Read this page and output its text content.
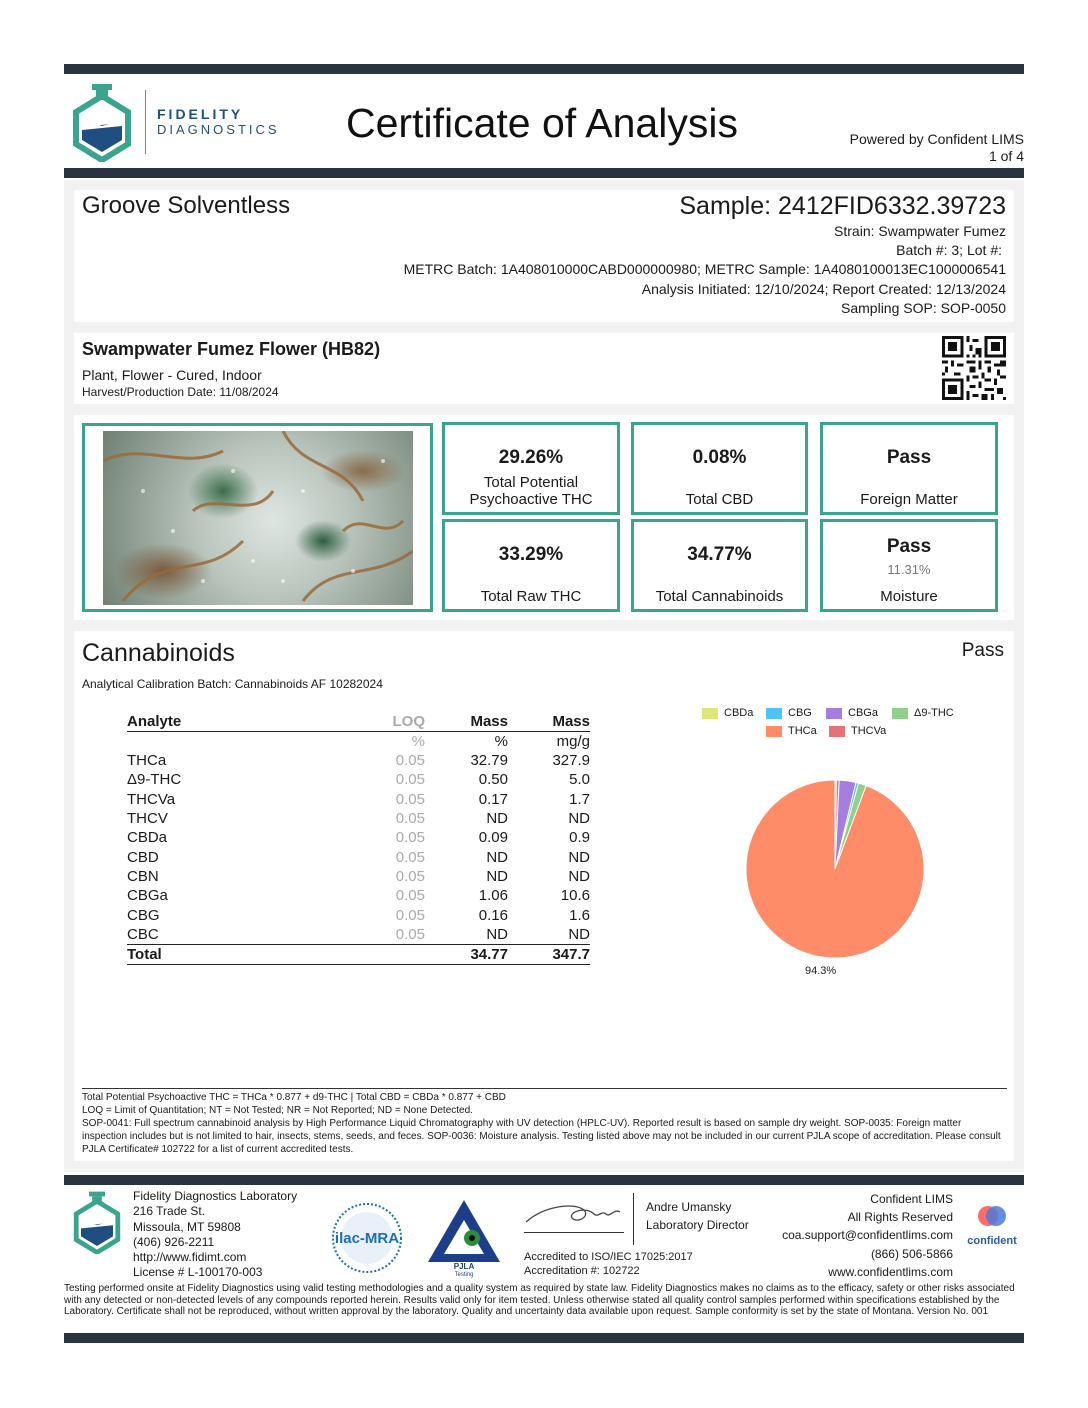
FIDELITY
DIAGNOSTICS Certificate of Analysis	Powered by Confident LIMS
1 of 4
Groove Solventless	Sample: 2412FID6332.39723
Strain: Swampwater Fumez
Batch #: 3; Lot #:
METRC Batch: 1A408010000CABD000000980; METRC Sample: 1A4080100013EC1000006541
Analysis Initiated: 12/10/2024; Report Created: 12/13/2024
Sampling SOP: SOP-0050
Swampwater Fumez Flower (HB82)
Plant, Flower - Cured, Indoor
Harvest/Production Date: 11/08/2024
29.26%
Total Potential
Psychoactive THC
0.08%
Total CBD
Pass
Foreign Matter
33.29%
Total Raw THC
34.77%
Total Cannabinoids
Pass
11.31%
Moisture
Cannabinoids	Pass
Analytical Calibration Batch: Cannabinoids AF 10282024
Analyte	LOQ	Mass	Mass
	%	%	mg/g
THCa	0.05	32.79	327.9
Δ9-THC	0.05	0.50	5.0
THCVa	0.05	0.17	1.7
THCV	0.05	ND	ND
CBDa	0.05	0.09	0.9
CBD	0.05	ND	ND
CBN	0.05	ND	ND
CBGa	0.05	1.06	10.6
CBG	0.05	0.16	1.6
CBC	0.05	ND	ND
Total		34.77	347.7
CBDa	CBG	CBGa	Δ9-THC
THCa	THCVa
94.3%
Total Potential Psychoactive THC = THCa * 0.877 + d9-THC | Total CBD = CBDa * 0.877 + CBD
LOQ = Limit of Quantitation; NT = Not Tested; NR = Not Reported; ND = None Detected.
SOP-0041: Full spectrum cannabinoid analysis by High Performance Liquid Chromatography with UV detection (HPLC-UV). Reported result is based on sample dry weight. SOP-0035: Foreign matter inspection includes but is not limited to hair, insects, stems, seeds, and feces. SOP-0036: Moisture analysis. Testing listed above may not be included in our current PJLA scope of accreditation. Please consult PJLA Certificate# 102722 for a list of current accredited tests.
Fidelity Diagnostics Laboratory
216 Trade St.
Missoula, MT 59808
(406) 926-2211
http://www.fidimt.com
License # L-100170-003
ilac-MRA
PJLA
Testing
Andre Umansky
Laboratory Director
Accredited to ISO/IEC 17025:2017
Accreditation #: 102722
Confident LIMS
All Rights Reserved
coa.support@confidentlims.com
(866) 506-5866
www.confidentlims.com
confident
Testing performed onsite at Fidelity Diagnostics using valid testing methodologies and a quality system as required by state law. Fidelity Diagnostics makes no claims as to the efficacy, safety or other risks associated with any detected or non-detected levels of any compounds reported herein. Results valid only for item tested. Unless otherwise stated all quality control samples performed within specifications established by the Laboratory. Certificate shall not be reproduced, without written approval by the laboratory. Quality and uncertainty data available upon request. Sample conformity is set by the state of Montana. Version No. 001
